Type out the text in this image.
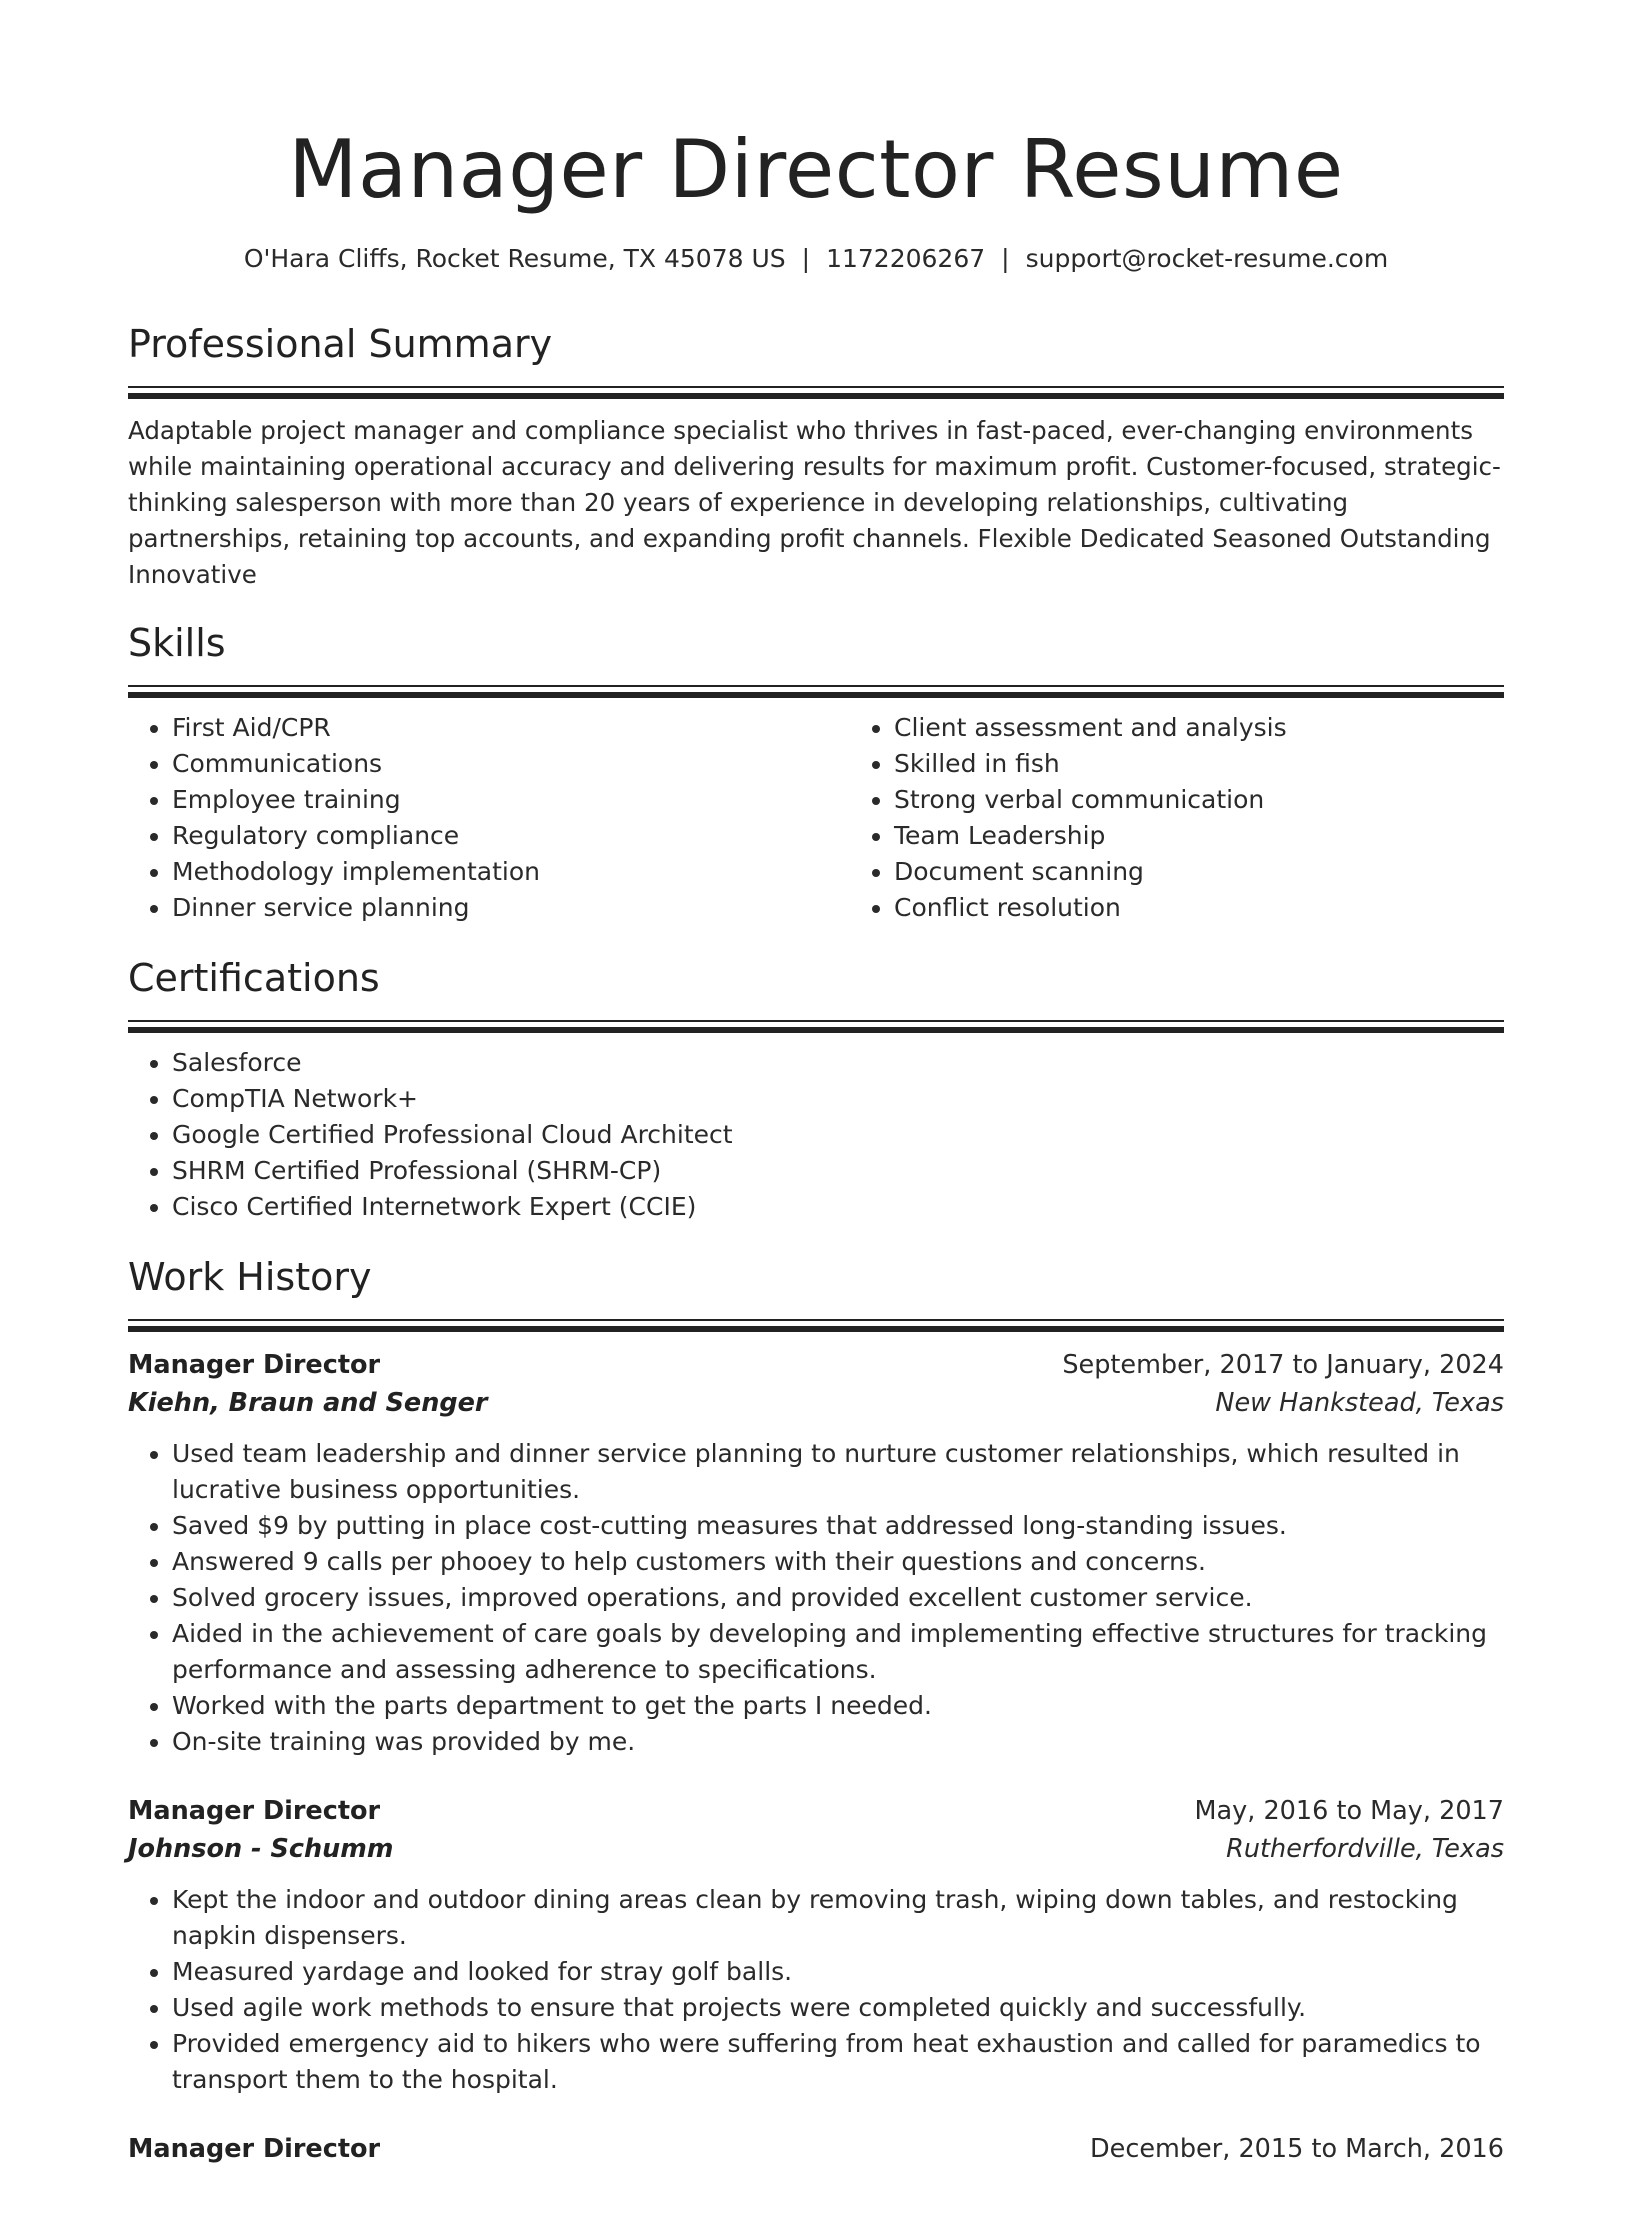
Manager Director Resume
O'Hara Cliffs, Rocket Resume, TX 45078 US | 1172206267 | support@rocket-resume.com
Professional Summary

Adaptable project manager and compliance specialist who thrives in fast-paced, ever-changing environments while maintaining operational accuracy and delivering results for maximum profit. Customer-focused, strategic-thinking salesperson with more than 20 years of experience in developing relationships, cultivating partnerships, retaining top accounts, and expanding profit channels. Flexible Dedicated Seasoned Outstanding Innovative

Skills
• First Aid/CPR
• Communications
• Employee training
• Regulatory compliance
• Methodology implementation
• Dinner service planning
• Client assessment and analysis
• Skilled in fish
• Strong verbal communication
• Team Leadership
• Document scanning
• Conflict resolution
Certifications
• Salesforce
• CompTIA Network+
• Google Certified Professional Cloud Architect
• SHRM Certified Professional (SHRM-CP)
• Cisco Certified Internetwork Expert (CCIE)
Work History
Manager Director	September, 2017 to January, 2024
Kiehn, Braun and Senger	New Hankstead, Texas
• Used team leadership and dinner service planning to nurture customer relationships, which resulted in lucrative business opportunities.
• Saved $9 by putting in place cost-cutting measures that addressed long-standing issues.
• Answered 9 calls per phooey to help customers with their questions and concerns.
• Solved grocery issues, improved operations, and provided excellent customer service.
• Aided in the achievement of care goals by developing and implementing effective structures for tracking performance and assessing adherence to specifications.
• Worked with the parts department to get the parts I needed.
• On-site training was provided by me.
Manager Director	May, 2016 to May, 2017
Johnson - Schumm	Rutherfordville, Texas
• Kept the indoor and outdoor dining areas clean by removing trash, wiping down tables, and restocking napkin dispensers.
• Measured yardage and looked for stray golf balls.
• Used agile work methods to ensure that projects were completed quickly and successfully.
• Provided emergency aid to hikers who were suffering from heat exhaustion and called for paramedics to transport them to the hospital.
Manager Director	December, 2015 to March, 2016
